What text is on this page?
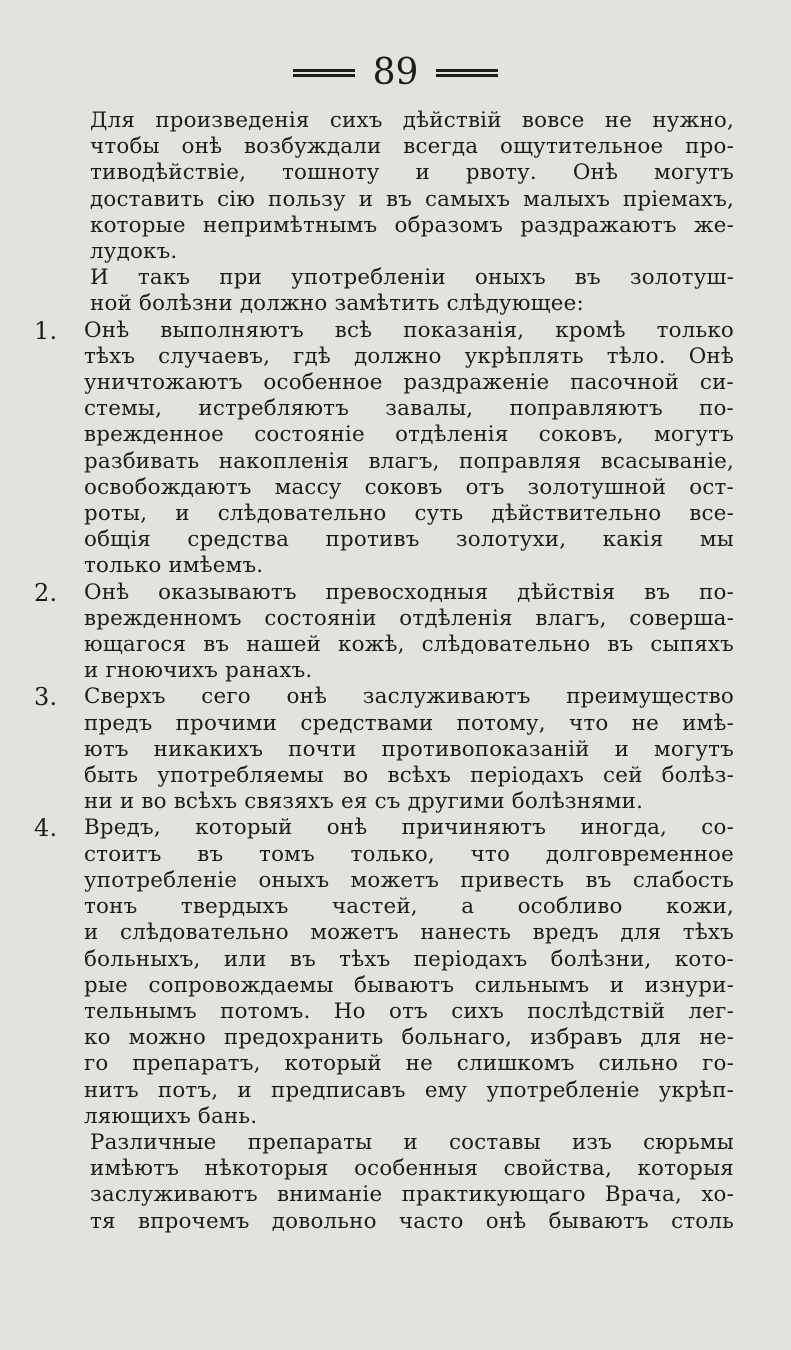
89

Для произведенія сихъ дѣйствій вовсе не нужно,
чтобы онѣ возбуждали всегда ощутительное про-
тиводѣйствіе, тошноту и рвоту. Онѣ могутъ
доставить сію пользу и въ самыхъ малыхъ пріемахъ,
которые непримѣтнымъ образомъ раздражаютъ же-
лудокъ.

И такъ при употребленіи оныхъ въ золотуш-
ной болѣзни должно замѣтить слѣдующее:

1.	Онѣ выполняютъ всѣ показанія, кромѣ только
тѣхъ случаевъ, гдѣ должно укрѣплять тѣло. Онѣ
уничтожаютъ особенное раздраженіе пасочной си-
стемы, истребляютъ завалы, поправляютъ по-
врежденное состояніе отдѣленія соковъ, могутъ
разбивать накопленія влагъ, поправляя всасываніе,
освобождаютъ массу соковъ отъ золотушной ост-
роты, и слѣдовательно суть дѣйствительно все-
общія средства противъ золотухи, какія мы
только имѣемъ.
2.	Онѣ оказываютъ превосходныя дѣйствія въ по-
врежденномъ состояніи отдѣленія влагъ, соверша-
ющагося въ нашей кожѣ, слѣдовательно въ сыпяхъ
и гноючихъ ранахъ.
3.	Сверхъ сего онѣ заслуживаютъ преимущество
предъ прочими средствами потому, что не имѣ-
ютъ никакихъ почти противопоказаній и могутъ
быть употребляемы во всѣхъ періодахъ сей болѣз-
ни и во всѣхъ связяхъ ея съ другими болѣзнями.
4.	Вредъ, который онѣ причиняютъ иногда, со-
стоитъ въ томъ только, что долговременное
употребленіе оныхъ можетъ привесть въ слабость
тонъ твердыхъ частей, а особливо кожи,
и слѣдовательно можетъ нанесть вредъ для тѣхъ
больныхъ, или въ тѣхъ періодахъ болѣзни, кото-
рые сопровождаемы бываютъ сильнымъ и изнури-
тельнымъ потомъ. Но отъ сихъ послѣдствій лег-
ко можно предохранить больнаго, избравъ для не-
го препаратъ, который не слишкомъ сильно го-
нитъ потъ, и предписавъ ему употребленіе укрѣп-
ляющихъ бань.

Различные препараты и составы изъ сюрьмы
имѣютъ нѣкоторыя особенныя свойства, которыя
заслуживаютъ вниманіе практикующаго Врача, хо-
тя впрочемъ довольно часто онѣ бываютъ столь
